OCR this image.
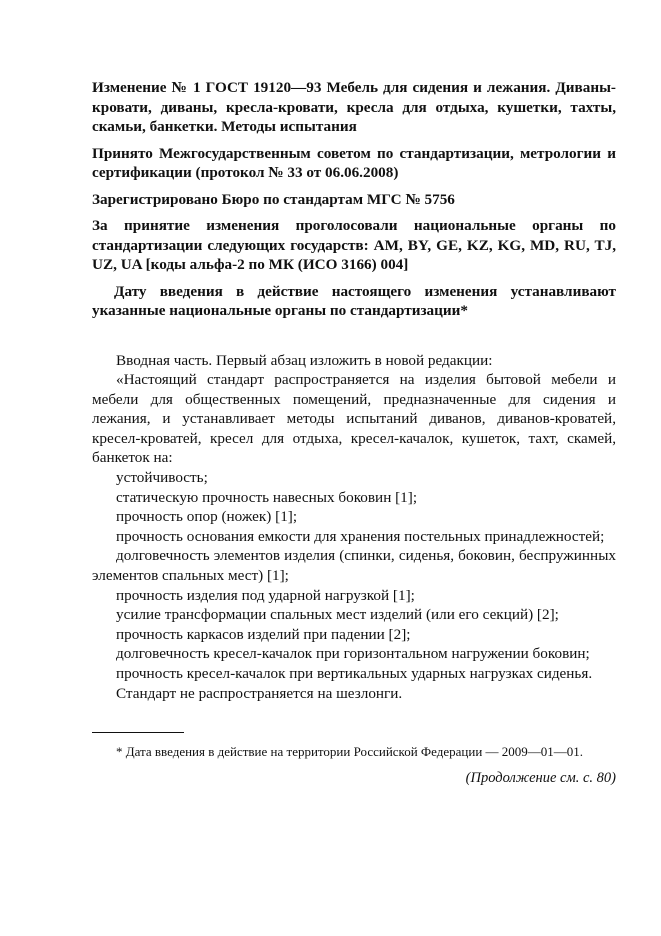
Изменение № 1 ГОСТ 19120—93 Мебель для сидения и лежания. Диваны-кровати, диваны, кресла-кровати, кресла для отдыха, кушетки, тахты, скамьи, банкетки. Методы испытания

Принято Межгосударственным советом по стандартизации, метрологии и сертификации (протокол № 33 от 06.06.2008)

Зарегистрировано Бюро по стандартам МГС № 5756

За принятие изменения проголосовали национальные органы по стандартизации следующих государств: AM, BY, GE, KZ, KG, MD, RU, TJ, UZ, UA [коды альфа-2 по МК (ИСО 3166) 004]

Дату введения в действие настоящего изменения устанавливают указанные национальные органы по стандартизации*

Вводная часть. Первый абзац изложить в новой редакции:

«Настоящий стандарт распространяется на изделия бытовой мебели и мебели для общественных помещений, предназначенные для сидения и лежания, и устанавливает методы испытаний диванов, диванов-кроватей, кресел-кроватей, кресел для отдыха, кресел-качалок, кушеток, тахт, скамей, банкеток на:

устойчивость;

статическую прочность навесных боковин [1];

прочность опор (ножек) [1];

прочность основания емкости для хранения постельных принадлежностей;

долговечность элементов изделия (спинки, сиденья, боковин, беспружинных элементов спальных мест) [1];

прочность изделия под ударной нагрузкой [1];

усилие трансформации спальных мест изделий (или его секций) [2];

прочность каркасов изделий при падении [2];

долговечность кресел-качалок при горизонтальном нагружении боковин;

прочность кресел-качалок при вертикальных ударных нагрузках сиденья.

Стандарт не распространяется на шезлонги.

* Дата введения в действие на территории Российской Федерации — 2009—01—01.

(Продолжение см. с. 80)
